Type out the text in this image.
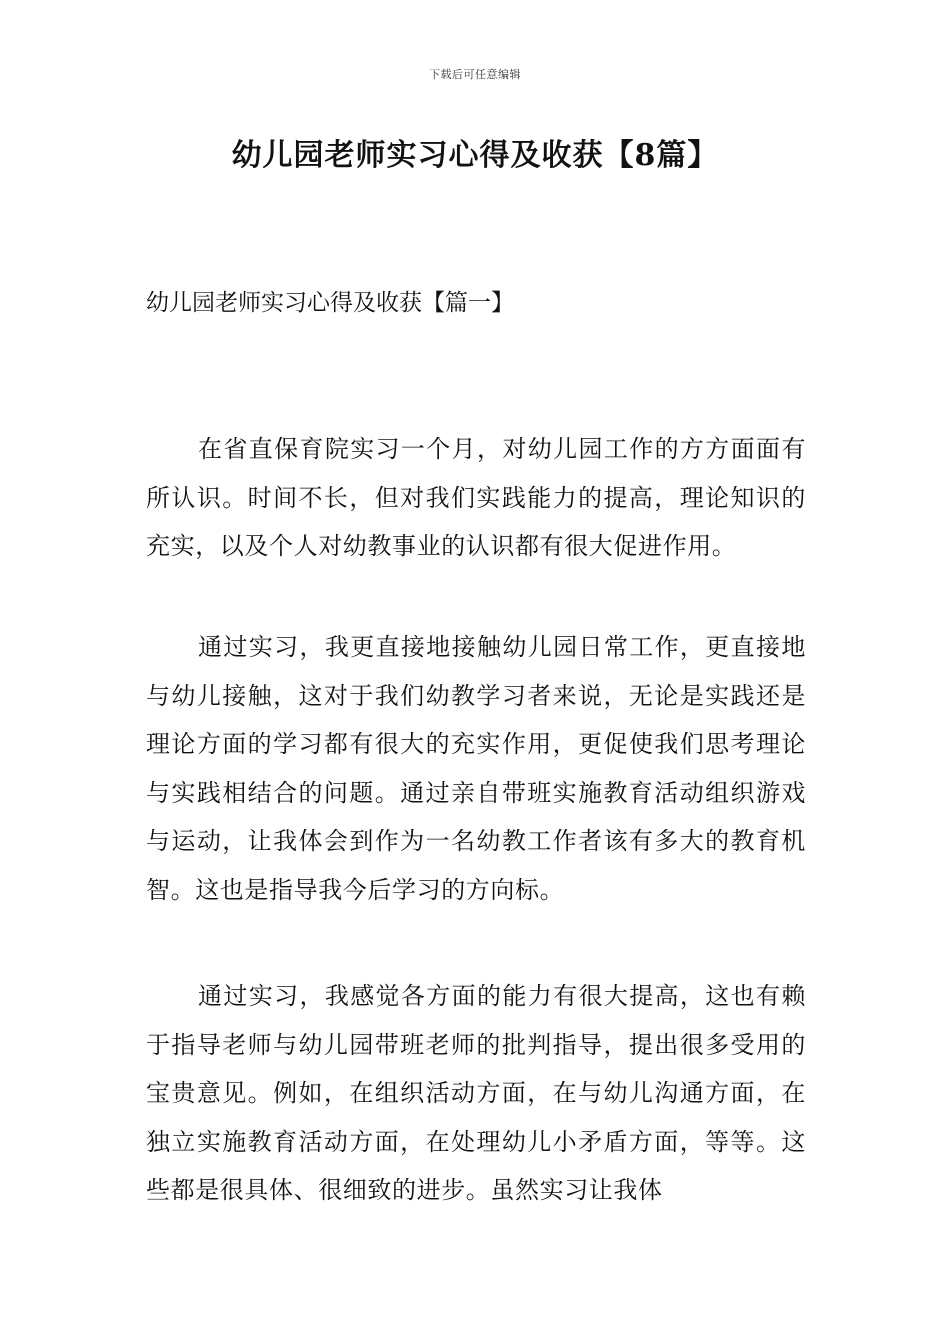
下载后可任意编辑
幼儿园老师实习心得及收获【8篇】
幼儿园老师实习心得及收获【篇一】

在省直保育院实习一个月，对幼儿园工作的方方面面有所认识。时间不长，但对我们实践能力的提高，理论知识的充实，以及个人对幼教事业的认识都有很大促进作用。

通过实习，我更直接地接触幼儿园日常工作，更直接地与幼儿接触，这对于我们幼教学习者来说，无论是实践还是理论方面的学习都有很大的充实作用，更促使我们思考理论与实践相结合的问题。通过亲自带班实施教育活动组织游戏与运动，让我体会到作为一名幼教工作者该有多大的教育机智。这也是指导我今后学习的方向标。

通过实习，我感觉各方面的能力有很大提高，这也有赖于指导老师与幼儿园带班老师的批判指导，提出很多受用的宝贵意见。例如，在组织活动方面，在与幼儿沟通方面，在独立实施教育活动方面，在处理幼儿小矛盾方面，等等。这些都是很具体、很细致的进步。虽然实习让我体
